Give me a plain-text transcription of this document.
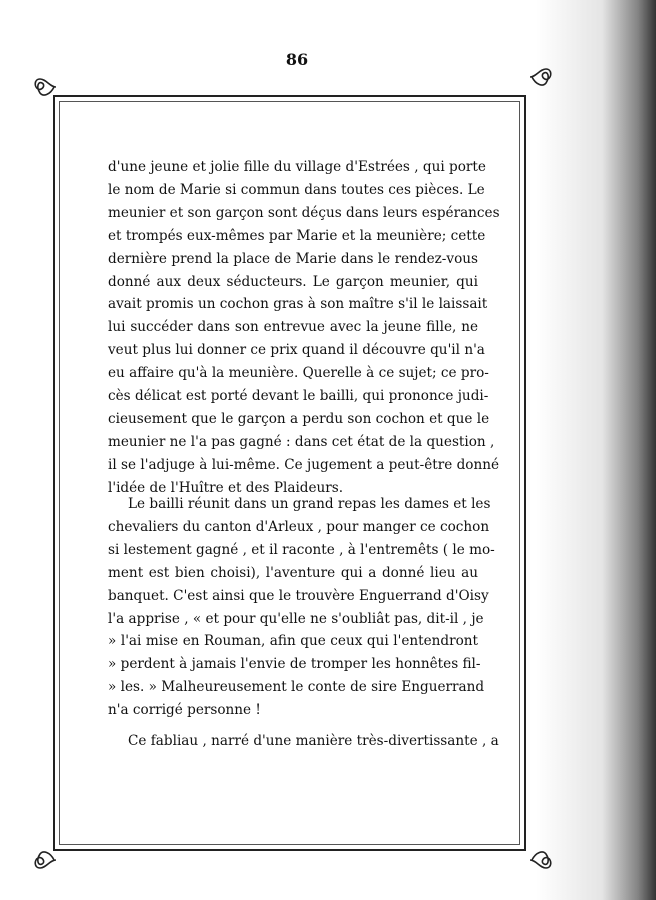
86
d'une jeune et jolie fille du village d'Estrées , qui porte
le nom de Marie si commun dans toutes ces pièces. Le
meunier et son garçon sont déçus dans leurs espérances
et trompés eux-mêmes par Marie et la meunière; cette
dernière prend la place de Marie dans le rendez-vous
donné aux deux séducteurs. Le garçon meunier, qui
avait promis un cochon gras à son maître s'il le laissait
lui succéder dans son entrevue avec la jeune fille, ne
veut plus lui donner ce prix quand il découvre qu'il n'a
eu affaire qu'à la meunière. Querelle à ce sujet; ce pro-
cès délicat est porté devant le bailli, qui prononce judi-
cieusement que le garçon a perdu son cochon et que le
meunier ne l'a pas gagné : dans cet état de la question ,
il se l'adjuge à lui-même. Ce jugement a peut-être donné
l'idée de l'Huître et des Plaideurs.
Le bailli réunit dans un grand repas les dames et les
chevaliers du canton d'Arleux , pour manger ce cochon
si lestement gagné , et il raconte , à l'entremêts ( le mo-
ment est bien choisi), l'aventure qui a donné lieu au
banquet. C'est ainsi que le trouvère Enguerrand d'Oisy
l'a apprise , « et pour qu'elle ne s'oubliât pas, dit-il , je
» l'ai mise en Rouman, afin que ceux qui l'entendront
» perdent à jamais l'envie de tromper les honnêtes fil-
» les. » Malheureusement le conte de sire Enguerrand
n'a corrigé personne !
Ce fabliau , narré d'une manière très-divertissante , a
